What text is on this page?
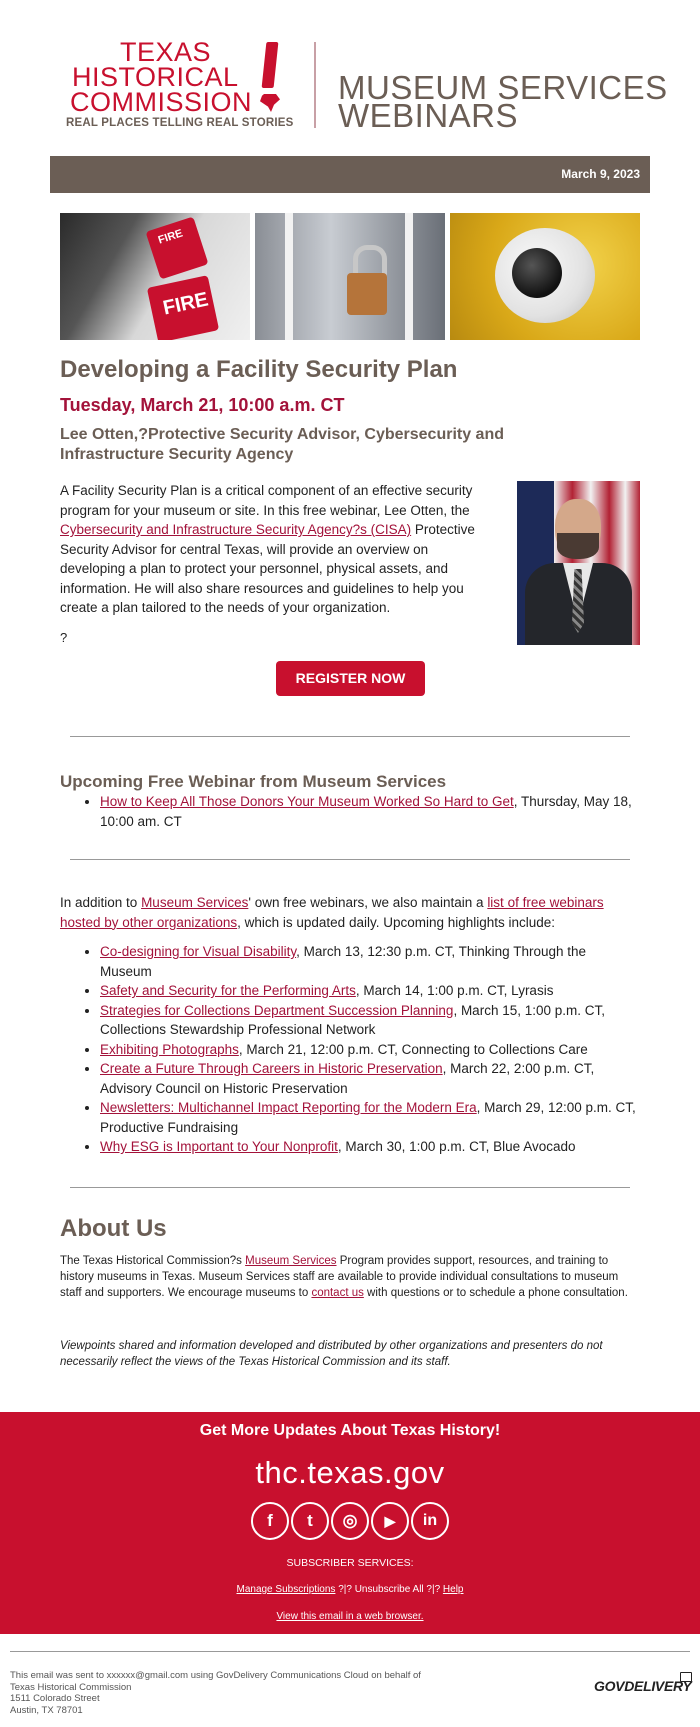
TEXAS
HISTORICAL
COMMISSION
REAL PLACES TELLING REAL STORIES
MUSEUM SERVICES
WEBINARS
March 9, 2023
FIRE
FIRE
Developing a Facility Security Plan
Tuesday, March 21, 10:00 a.m. CT
Lee Otten,?Protective Security Advisor, Cybersecurity and Infrastructure Security Agency
A Facility Security Plan is a critical component of an effective security program for your museum or site. In this free webinar, Lee Otten, the Cybersecurity and Infrastructure Security Agency?s (CISA) Protective Security Advisor for central Texas, will provide an overview on developing a plan to protect your personnel, physical assets, and information. He will also share resources and guidelines to help you create a plan tailored to the needs of your organization.
?
REGISTER NOW
Upcoming Free Webinar from Museum Services
• How to Keep All Those Donors Your Museum Worked So Hard to Get, Thursday, May 18, 10:00 am. CT
In addition to Museum Services' own free webinars, we also maintain a list of free webinars hosted by other organizations, which is updated daily. Upcoming highlights include:
• Co-designing for Visual Disability, March 13, 12:30 p.m. CT, Thinking Through the Museum
• Safety and Security for the Performing Arts, March 14, 1:00 p.m. CT, Lyrasis
• Strategies for Collections Department Succession Planning, March 15, 1:00 p.m. CT, Collections Stewardship Professional Network
• Exhibiting Photographs, March 21, 12:00 p.m. CT, Connecting to Collections Care
• Create a Future Through Careers in Historic Preservation, March 22, 2:00 p.m. CT, Advisory Council on Historic Preservation
• Newsletters: Multichannel Impact Reporting for the Modern Era, March 29, 12:00 p.m. CT, Productive Fundraising
• Why ESG is Important to Your Nonprofit, March 30, 1:00 p.m. CT, Blue Avocado
About Us
The Texas Historical Commission?s Museum Services Program provides support, resources, and training to history museums in Texas. Museum Services staff are available to provide individual consultations to museum staff and supporters. We encourage museums to contact us with questions or to schedule a phone consultation.
Viewpoints shared and information developed and distributed by other organizations and presenters do not necessarily reflect the views of the Texas Historical Commission and its staff.
Get More Updates About Texas History!
thc.texas.gov
f	t	◎	▶	in
SUBSCRIBER SERVICES:
Manage Subscriptions ?|? Unsubscribe All ?|? Help
View this email in a web browser.
This email was sent to xxxxxx@gmail.com using GovDelivery Communications Cloud on behalf of
Texas Historical Commission
1511 Colorado Street
Austin, TX 78701
GOVDELIVERY
